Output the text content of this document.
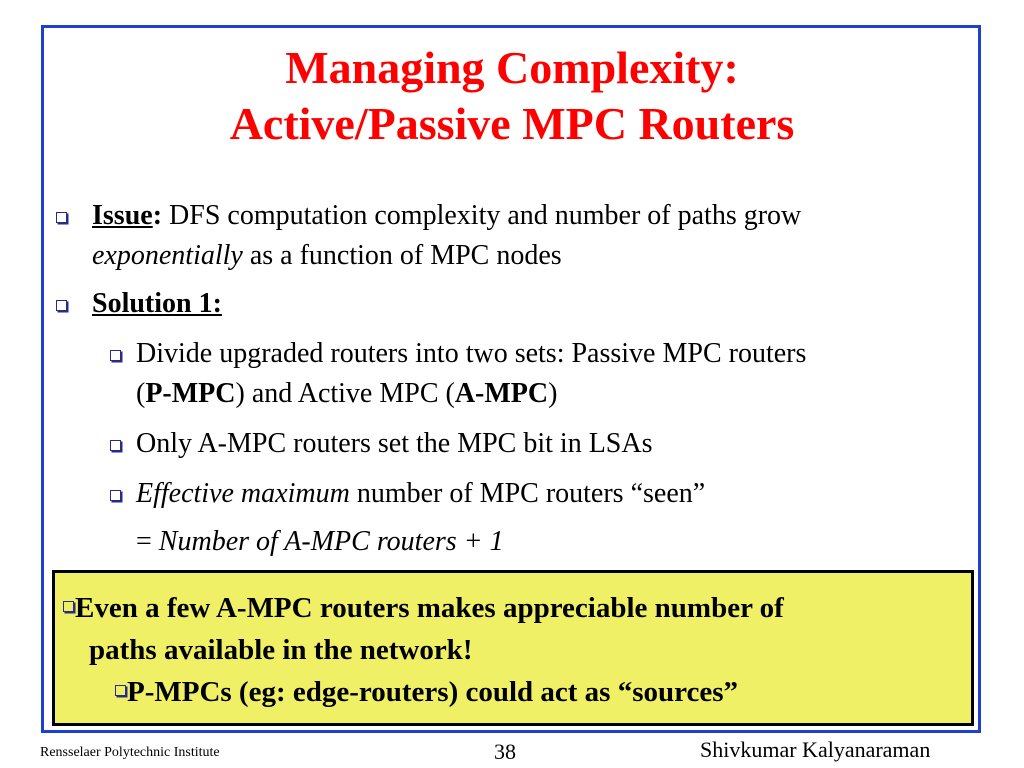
Managing Complexity:
Active/Passive MPC Routers
Issue: DFS computation complexity and number of paths grow
exponentially as a function of MPC nodes
Solution 1:
Divide upgraded routers into two sets: Passive MPC routers
(P-MPC) and Active MPC (A-MPC)
Only A-MPC routers set the MPC bit in LSAs
Effective maximum number of MPC routers “seen”
= Number of A-MPC routers + 1
Even a few A-MPC routers makes appreciable number of
paths available in the network!
P-MPCs (eg: edge-routers) could act as “sources”
Rensselaer Polytechnic Institute	38	Shivkumar Kalyanaraman
